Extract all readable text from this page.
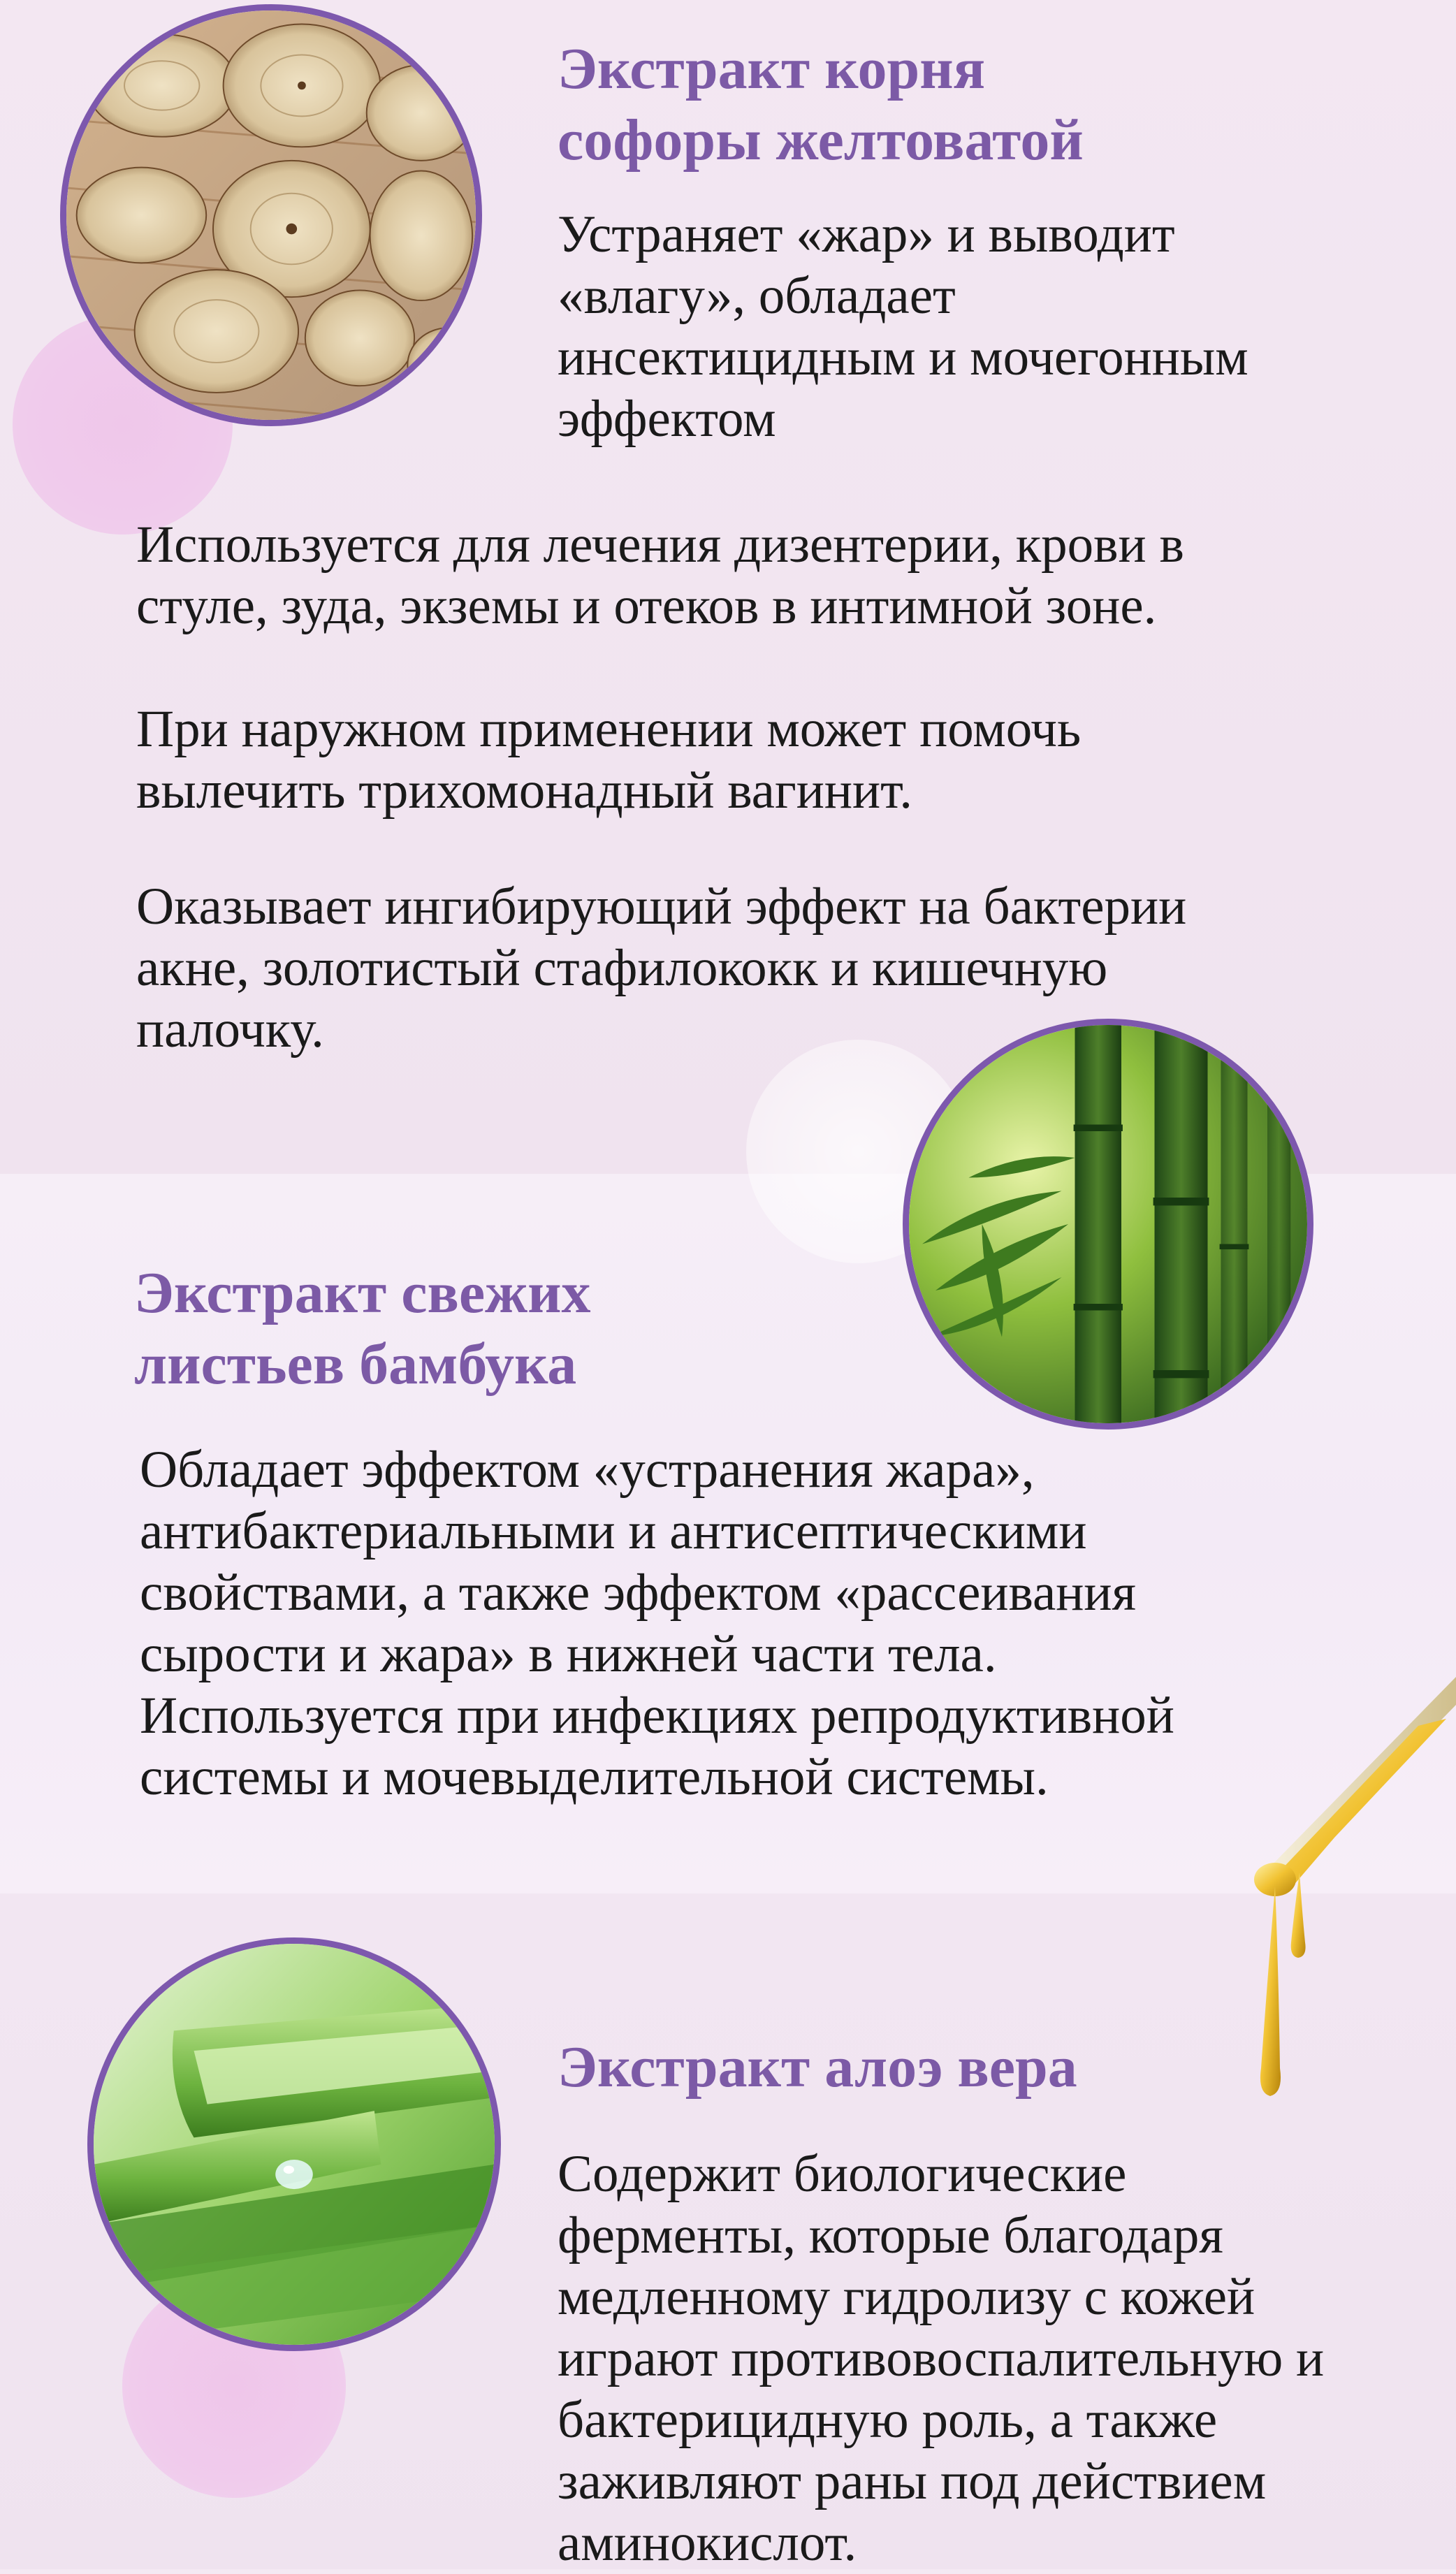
Экстракт корня
софоры желтоватой

Устраняет «жар» и выводит
«влагу», обладает
инсектицидным и мочегонным
эффектом

Используется для лечения дизентерии, крови в
стуле, зуда, экземы и отеков в интимной зоне.

При наружном применении может помочь
вылечить трихомонадный вагинит.

Оказывает ингибирующий эффект на бактерии
акне, золотистый стафилококк и кишечную
палочку.

Экстракт свежих
листьев бамбука

Обладает эффектом «устранения жара»,
антибактериальными и антисептическими
свойствами, а также эффектом «рассеивания
сырости и жара» в нижней части тела.
Используется при инфекциях репродуктивной
системы и мочевыделительной системы.

Экстракт алоэ вера

Содержит биологические
ферменты, которые благодаря
медленному гидролизу с кожей
играют противовоспалительную и
бактерицидную роль, а также
заживляют раны под действием
аминокислот.
